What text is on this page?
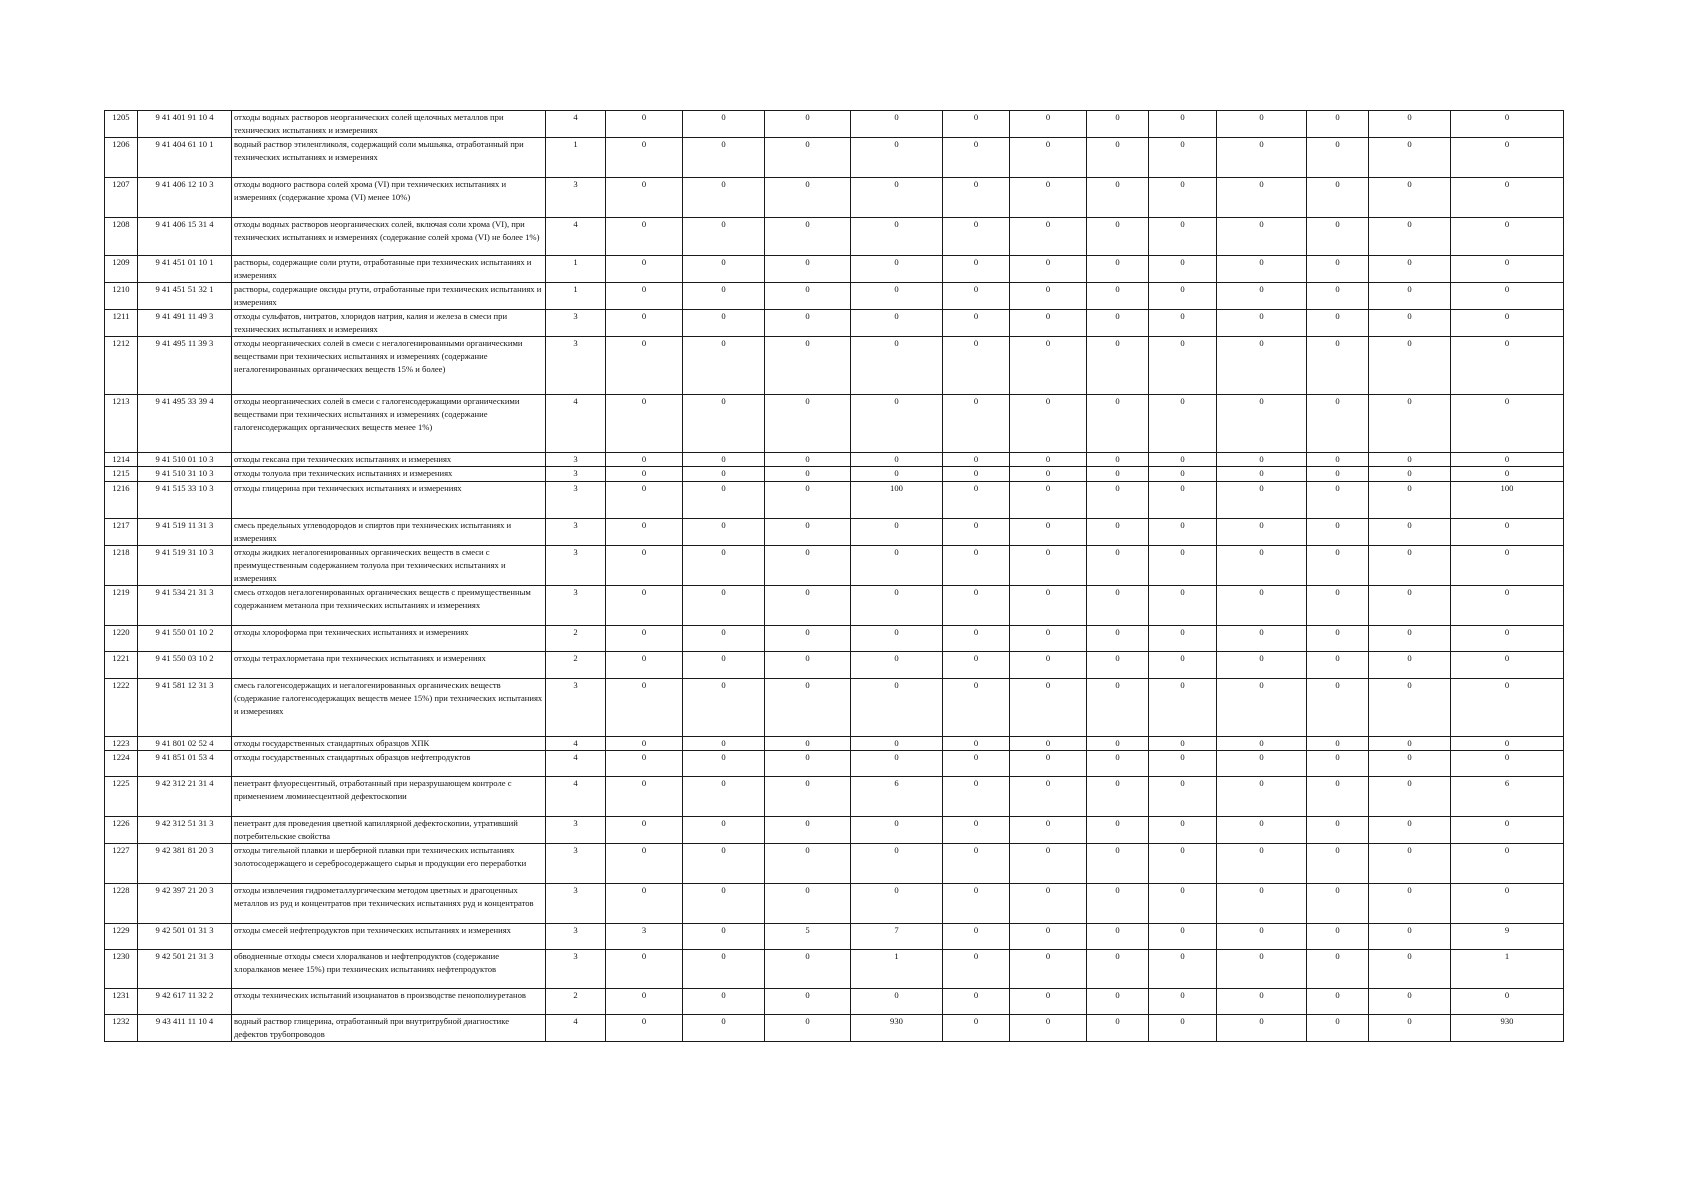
1205	9 41 401 91 10 4	отходы водных растворов неорганических солей щелочных металлов при технических испытаниях и измерениях	4	0	0	0	0	0	0	0	0	0	0	0	0
1206	9 41 404 61 10 1	водный раствор этиленгликоля, содержащий соли мышьяка, отработанный при технических испытаниях и измерениях	1	0	0	0	0	0	0	0	0	0	0	0	0
1207	9 41 406 12 10 3	отходы водного раствора солей хрома (VI) при технических испытаниях и измерениях (содержание хрома (VI) менее 10%)	3	0	0	0	0	0	0	0	0	0	0	0	0
1208	9 41 406 15 31 4	отходы водных растворов неорганических солей, включая соли хрома (VI), при технических испытаниях и измерениях (содержание солей хрома (VI) не более 1%)	4	0	0	0	0	0	0	0	0	0	0	0	0
1209	9 41 451 01 10 1	растворы, содержащие соли ртути, отработанные при технических испытаниях и измерениях	1	0	0	0	0	0	0	0	0	0	0	0	0
1210	9 41 451 51 32 1	растворы, содержащие оксиды ртути, отработанные при технических испытаниях и измерениях	1	0	0	0	0	0	0	0	0	0	0	0	0
1211	9 41 491 11 49 3	отходы сульфатов, нитратов, хлоридов натрия, калия и железа в смеси при технических испытаниях и измерениях	3	0	0	0	0	0	0	0	0	0	0	0	0
1212	9 41 495 11 39 3	отходы неорганических солей в смеси с негалогенированными органическими веществами при технических испытаниях и измерениях (содержание негалогенированных органических веществ 15% и более)	3	0	0	0	0	0	0	0	0	0	0	0	0
1213	9 41 495 33 39 4	отходы неорганических солей в смеси с галогенсодержащими органическими веществами при технических испытаниях и измерениях (содержание галогенсодержащих органических веществ менее 1%)	4	0	0	0	0	0	0	0	0	0	0	0	0
1214	9 41 510 01 10 3	отходы гексана при технических испытаниях и измерениях	3	0	0	0	0	0	0	0	0	0	0	0	0
1215	9 41 510 31 10 3	отходы толуола при технических испытаниях и измерениях	3	0	0	0	0	0	0	0	0	0	0	0	0
1216	9 41 515 33 10 3	отходы глицерина при технических испытаниях и измерениях	3	0	0	0	100	0	0	0	0	0	0	0	100
1217	9 41 519 11 31 3	смесь предельных углеводородов и спиртов при технических испытаниях и измерениях	3	0	0	0	0	0	0	0	0	0	0	0	0
1218	9 41 519 31 10 3	отходы жидких негалогенированных органических веществ в смеси с преимущественным содержанием толуола при технических испытаниях и измерениях	3	0	0	0	0	0	0	0	0	0	0	0	0
1219	9 41 534 21 31 3	смесь отходов негалогенированных органических веществ с преимущественным содержанием метанола при технических испытаниях и измерениях	3	0	0	0	0	0	0	0	0	0	0	0	0
1220	9 41 550 01 10 2	отходы хлороформа при технических испытаниях и измерениях	2	0	0	0	0	0	0	0	0	0	0	0	0
1221	9 41 550 03 10 2	отходы тетрахлорметана при технических испытаниях и измерениях	2	0	0	0	0	0	0	0	0	0	0	0	0
1222	9 41 581 12 31 3	смесь галогенсодержащих и негалогенированных органических веществ (содержание галогенсодержащих веществ менее 15%) при технических испытаниях и измерениях	3	0	0	0	0	0	0	0	0	0	0	0	0
1223	9 41 801 02 52 4	отходы государственных стандартных образцов ХПК	4	0	0	0	0	0	0	0	0	0	0	0	0
1224	9 41 851 01 53 4	отходы государственных стандартных образцов нефтепродуктов	4	0	0	0	0	0	0	0	0	0	0	0	0
1225	9 42 312 21 31 4	пенетрант флуоресцентный, отработанный при неразрушающем контроле с применением люминесцентной дефектоскопии	4	0	0	0	6	0	0	0	0	0	0	0	6
1226	9 42 312 51 31 3	пенетрант для проведения цветной капиллярной дефектоскопии, утративший потребительские свойства	3	0	0	0	0	0	0	0	0	0	0	0	0
1227	9 42 381 81 20 3	отходы тигельной плавки и шерберной плавки при технических испытаниях золотосодержащего и серебросодержащего сырья и продукции его переработки	3	0	0	0	0	0	0	0	0	0	0	0	0
1228	9 42 397 21 20 3	отходы извлечения гидрометаллургическим методом цветных и драгоценных металлов из руд и концентратов при технических испытаниях руд и концентратов	3	0	0	0	0	0	0	0	0	0	0	0	0
1229	9 42 501 01 31 3	отходы смесей нефтепродуктов при технических испытаниях и измерениях	3	3	0	5	7	0	0	0	0	0	0	0	9
1230	9 42 501 21 31 3	обводненные отходы смеси хлоралканов и нефтепродуктов (содержание хлоралканов менее 15%) при технических испытаниях нефтепродуктов	3	0	0	0	1	0	0	0	0	0	0	0	1
1231	9 42 617 11 32 2	отходы технических испытаний изоцианатов в производстве пенополиуретанов	2	0	0	0	0	0	0	0	0	0	0	0	0
1232	9 43 411 11 10 4	водный раствор глицерина, отработанный при внутритрубной диагностике дефектов трубопроводов	4	0	0	0	930	0	0	0	0	0	0	0	930
